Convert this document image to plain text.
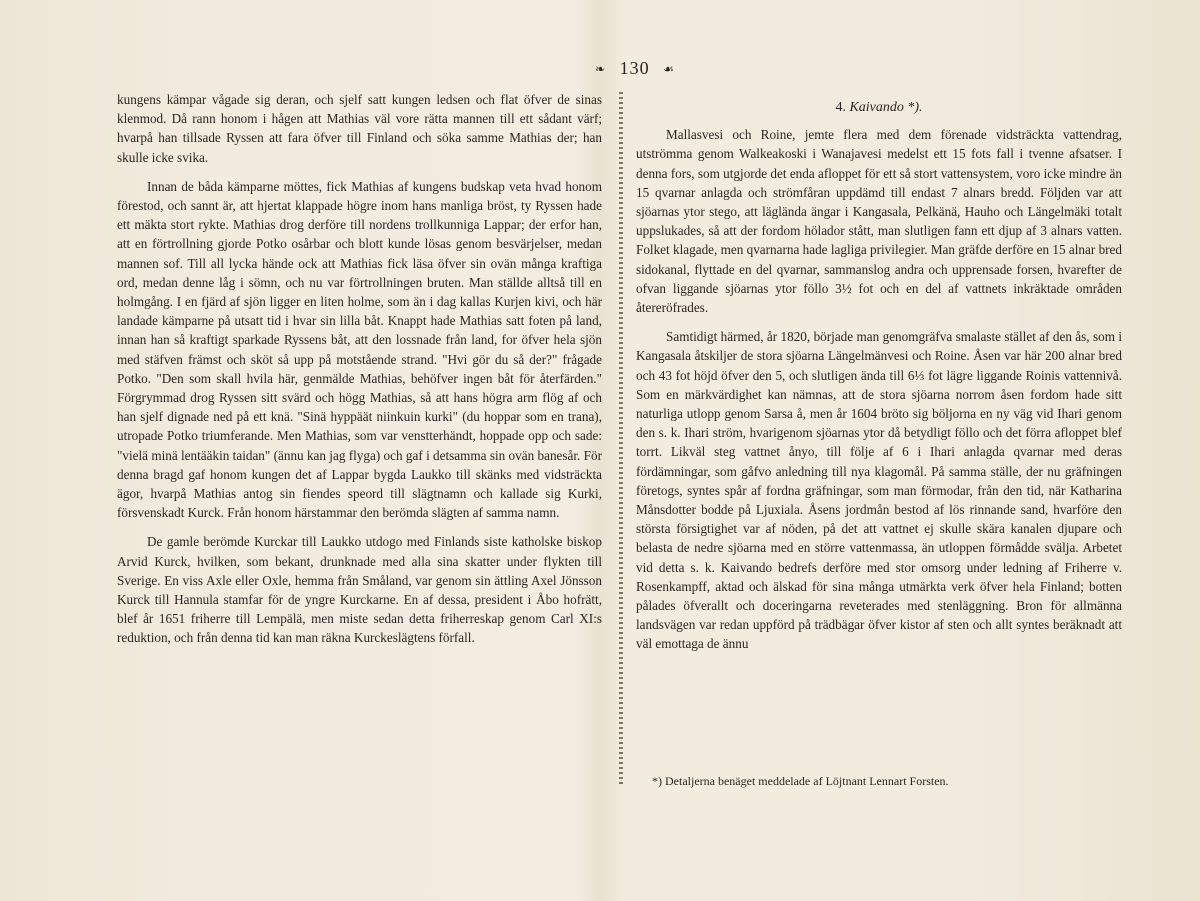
❧ 130 ☙

kungens kämpar vågade sig deran, och sjelf satt kungen ledsen och flat öfver de sinas klenmod. Då rann honom i hågen att Mathias väl vore rätta mannen till ett sådant värf; hvarpå han tillsade Ryssen att fara öfver till Finland och söka samme Mathias der; han skulle icke svika.

Innan de båda kämparne möttes, fick Mathias af kungens budskap veta hvad honom förestod, och sannt är, att hjertat klappade högre inom hans manliga bröst, ty Ryssen hade ett mäkta stort rykte. Mathias drog derföre till nordens trollkunniga Lappar; der erfor han, att en förtrollning gjorde Potko osårbar och blott kunde lösas genom besvärjelser, medan mannen sof. Till all lycka hände ock att Mathias fick läsa öfver sin ovän många kraftiga ord, medan denne låg i sömn, och nu var förtrollningen bruten. Man ställde alltså till en holmgång. I en fjärd af sjön ligger en liten holme, som än i dag kallas Kurjen kivi, och här landade kämparne på utsatt tid i hvar sin lilla båt. Knappt hade Mathias satt foten på land, innan han så kraftigt sparkade Ryssens båt, att den lossnade från land, for öfver hela sjön med stäfven främst och sköt så upp på motstående strand. "Hvi gör du så der?" frågade Potko. "Den som skall hvila här, genmälde Mathias, behöfver ingen båt för återfärden." Förgrymmad drog Ryssen sitt svärd och högg Mathias, så att hans högra arm flög af och han sjelf dignade ned på ett knä. "Sinä hyppäät niinkuin kurki" (du hoppar som en trana), utropade Potko triumferande. Men Mathias, som var venstterhändt, hoppade opp och sade: "vielä minä lentääkin taidan" (ännu kan jag flyga) och gaf i detsamma sin ovän banesår. För denna bragd gaf honom kungen det af Lappar bygda Laukko till skänks med vidsträckta ägor, hvarpå Mathias antog sin fiendes speord till slägtnamn och kallade sig Kurki, försvenskadt Kurck. Från honom härstammar den berömda slägten af samma namn.

De gamle berömde Kurckar till Laukko utdogo med Finlands siste katholske biskop Arvid Kurck, hvilken, som bekant, drunknade med alla sina skatter under flykten till Sverige. En viss Axle eller Oxle, hemma från Småland, var genom sin ättling Axel Jönsson Kurck till Hannula stamfar för de yngre Kurckarne. En af dessa, president i Åbo hofrätt, blef år 1651 friherre till Lempälä, men miste sedan detta friherreskap genom Carl XI:s reduktion, och från denna tid kan man räkna Kurckeslägtens förfall.

4. Kaivando *).

Mallasvesi och Roine, jemte flera med dem förenade vidsträckta vattendrag, utströmma genom Walkeakoski i Wanajavesi medelst ett 15 fots fall i tvenne afsatser. I denna fors, som utgjorde det enda afloppet för ett så stort vattensystem, voro icke mindre än 15 qvarnar anlagda och strömfåran uppdämd till endast 7 alnars bredd. Följden var att sjöarnas ytor stego, att läglända ängar i Kangasala, Pelkänä, Hauho och Längelmäki totalt uppslukades, så att der fordom hölador stått, man slutligen fann ett djup af 3 alnars vatten. Folket klagade, men qvarnarna hade lagliga privilegier. Man gräfde derföre en 15 alnar bred sidokanal, flyttade en del qvarnar, sammanslog andra och upprensade forsen, hvarefter de ofvan liggande sjöarnas ytor föllo 3½ fot och en del af vattnets inkräktade områden återeröfrades.

Samtidigt härmed, år 1820, började man genomgräfva smalaste stället af den ås, som i Kangasala åtskiljer de stora sjöarna Längelmänvesi och Roine. Åsen var här 200 alnar bred och 43 fot höjd öfver den 5, och slutligen ända till 6⅓ fot lägre liggande Roinis vattennivå. Som en märkvärdighet kan nämnas, att de stora sjöarna norrom åsen fordom hade sitt naturliga utlopp genom Sarsa å, men år 1604 bröto sig böljorna en ny väg vid Ihari genom den s. k. Ihari ström, hvarigenom sjöarnas ytor då betydligt föllo och det förra afloppet blef torrt. Likväl steg vattnet ånyo, till följe af 6 i Ihari anlagda qvarnar med deras fördämningar, som gåfvo anledning till nya klagomål. På samma ställe, der nu gräfningen företogs, syntes spår af fordna gräfningar, som man förmodar, från den tid, när Katharina Månsdotter bodde på Ljuxiala. Åsens jordmån bestod af lös rinnande sand, hvarföre den största försigtighet var af nöden, på det att vattnet ej skulle skära kanalen djupare och belasta de nedre sjöarna med en större vattenmassa, än utloppen förmådde svälja. Arbetet vid detta s. k. Kaivando bedrefs derföre med stor omsorg under ledning af Friherre v. Rosenkampff, aktad och älskad för sina många utmärkta verk öfver hela Finland; botten pålades öfverallt och doceringarna reveterades med stenläggning. Bron för allmänna landsvägen var redan uppförd på trädbägar öfver kistor af sten och allt syntes beräknadt att väl emottaga de ännu

*) Detaljerna benäget meddelade af Löjtnant Lennart Forsten.
